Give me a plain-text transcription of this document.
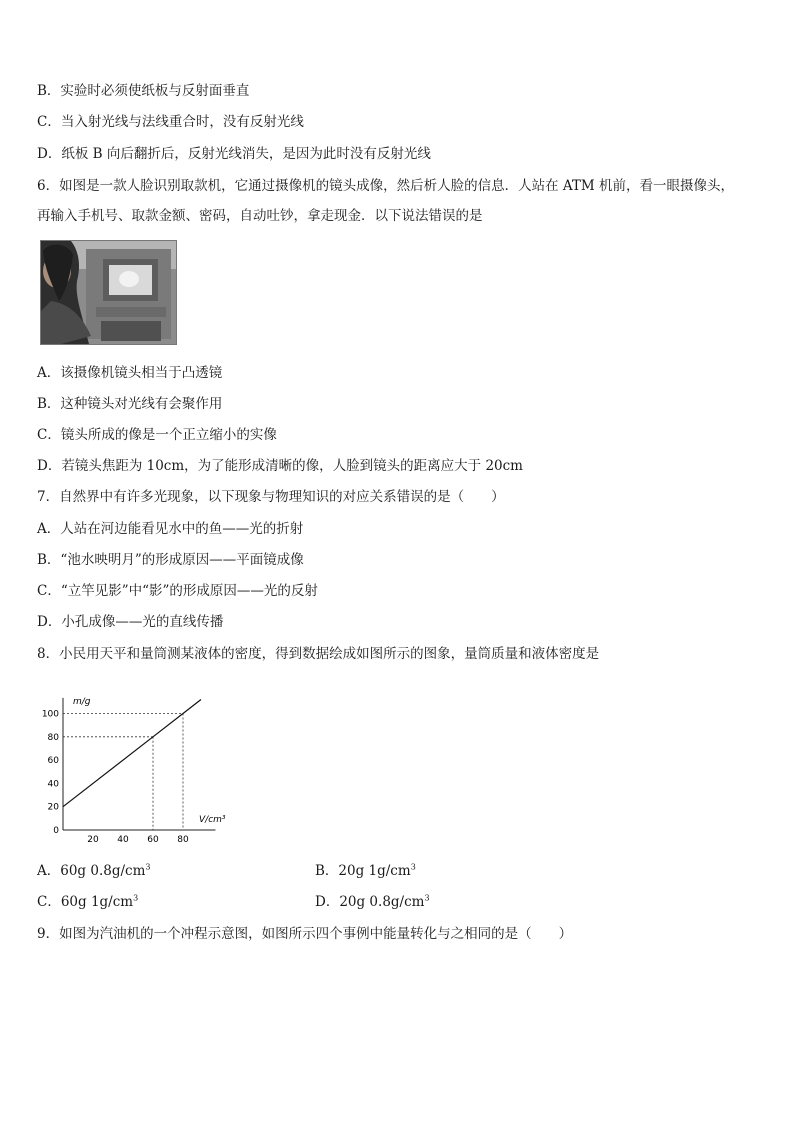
B．实验时必须使纸板与反射面垂直
C．当入射光线与法线重合时，没有反射光线
D．纸板 B 向后翻折后，反射光线消失，是因为此时没有反射光线
6．如图是一款人脸识别取款机，它通过摄像机的镜头成像，然后析人脸的信息．人站在 ATM 机前，看一眼摄像头，
再输入手机号、取款金额、密码，自动吐钞，拿走现金．以下说法错误的是
A．该摄像机镜头相当于凸透镜
B．这种镜头对光线有会聚作用
C．镜头所成的像是一个正立缩小的实像
D．若镜头焦距为 10cm，为了能形成清晰的像，人脸到镜头的距离应大于 20cm
7．自然界中有许多光现象，以下现象与物理知识的对应关系错误的是（　　）
A．人站在河边能看见水中的鱼——光的折射
B．“池水映明月”的形成原因——平面镜成像
C．“立竿见影”中“影”的形成原因——光的反射
D．小孔成像——光的直线传播
8．小民用天平和量筒测某液体的密度，得到数据绘成如图所示的图象，量筒质量和液体密度是
m/g
V/cm³
0
20
40
60
80
100
20 40 60 80
A．60g $0.8g/cm^3$	B．20g $1g/cm^3$
C．60g $1g/cm^3$	D．20g $0.8g/cm^3$
9．如图为汽油机的一个冲程示意图，如图所示四个事例中能量转化与之相同的是（　　）
